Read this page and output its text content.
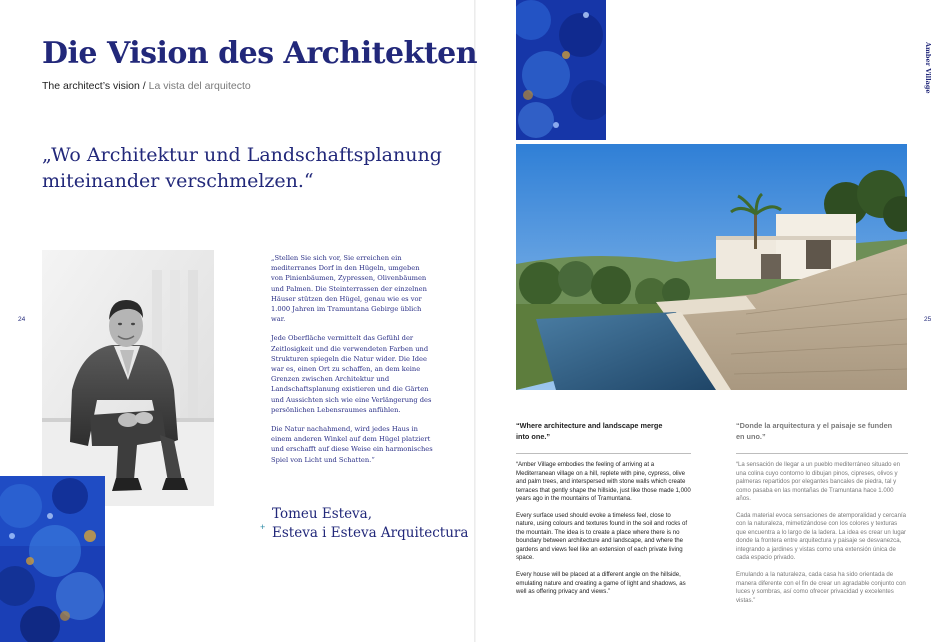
Die Vision des Architekten
The architect’s vision / La vista del arquitecto
„Wo Architektur und Landschaftsplanung miteinander verschmelzen.“

„Stellen Sie sich vor, Sie erreichen ein mediterranes Dorf in den Hügeln, umgeben von Pinienbäumen, Zypressen, Olivenbäumen und Palmen. Die Steinterrassen der einzelnen Häuser stützen den Hügel, genau wie es vor 1.000 Jahren im Tramuntana Gebirge üblich war.

Jede Oberfläche vermittelt das Gefühl der Zeitlosigkeit und die verwendeten Farben und Strukturen spiegeln die Natur wider. Die Idee war es, einen Ort zu schaffen, an dem keine Grenzen zwischen Architektur und Landschaftsplanung existieren und die Gärten und Aussichten sich wie eine Verlängerung des persönlichen Lebensraumes anfühlen.

Die Natur nachahmend, wird jedes Haus in einem anderen Winkel auf dem Hügel platziert und erschafft auf diese Weise ein harmonisches Spiel von Licht und Schatten.“

+
Tomeu Esteva,
Esteva i Esteva Arquitectura
24
Amber Village
“Where architecture and landscape merge into one.”
“Donde la arquitectura y el paisaje se funden en uno.”

“Amber Village embodies the feeling of arriving at a Mediterranean village on a hill, replete with pine, cypress, olive and palm trees, and interspersed with stone walls which create terraces that gently shape the hillside, just like those made 1,000 years ago in the mountains of Tramuntana.

Every surface used should evoke a timeless feel, close to nature, using colours and textures found in the soil and rocks of the mountain. The idea is to create a place where there is no boundary between architecture and landscape, and where the gardens and views feel like an extension of each private living space.

Every house will be placed at a different angle on the hillside, emulating nature and creating a game of light and shadows, as well as offering privacy and views.”

“La sensación de llegar a un pueblo mediterráneo situado en una colina cuyo contorno lo dibujan pinos, cipreses, olivos y palmeras repartidos por elegantes bancales de piedra, tal y como pasaba en las montañas de Tramuntana hace 1.000 años.

Cada material evoca sensaciones de atemporalidad y cercanía con la naturaleza, mimetizándose con los colores y texturas que encuentra a lo largo de la ladera. La idea es crear un lugar donde la frontera entre arquitectura y paisaje se desvanezca, integrando a jardines y vistas como una extensión única de cada espacio privado.

Emulando a la naturaleza, cada casa ha sido orientada de manera diferente con el fin de crear un agradable conjunto con luces y sombras, así como ofrecer privacidad y excelentes vistas.”

25
